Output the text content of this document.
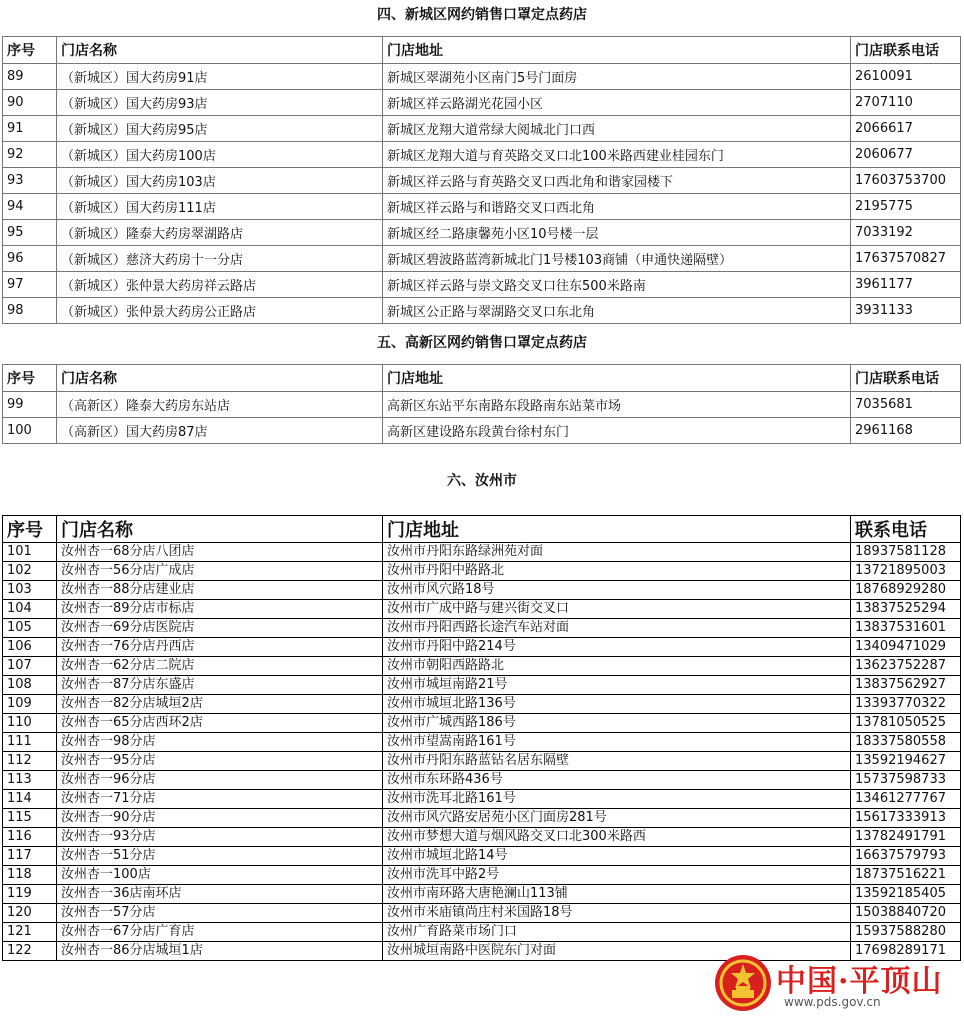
四、新城区网约销售口罩定点药店
序号	门店名称	门店地址	门店联系电话
89	（新城区）国大药房91店	新城区翠湖苑小区南门5号门面房	2610091
90	（新城区）国大药房93店	新城区祥云路湖光花园小区	2707110
91	（新城区）国大药房95店	新城区龙翔大道常绿大阅城北门口西	2066617
92	（新城区）国大药房100店	新城区龙翔大道与育英路交叉口北100米路西建业桂园东门	2060677
93	（新城区）国大药房103店	新城区祥云路与育英路交叉口西北角和谐家园楼下	17603753700
94	（新城区）国大药房111店	新城区祥云路与和谐路交叉口西北角	2195775
95	（新城区）隆泰大药房翠湖路店	新城区经二路康馨苑小区10号楼一层	7033192
96	（新城区）慈济大药房十一分店	新城区碧波路蓝湾新城北门1号楼103商铺（申通快递隔壁）	17637570827
97	（新城区）张仲景大药房祥云路店	新城区祥云路与崇文路交叉口往东500米路南	3961177
98	（新城区）张仲景大药房公正路店	新城区公正路与翠湖路交叉口东北角	3931133
五、高新区网约销售口罩定点药店
序号	门店名称	门店地址	门店联系电话
99	（高新区）隆泰大药房东站店	高新区东站平东南路东段路南东站菜市场	7035681
100	（高新区）国大药房87店	高新区建设路东段黄台徐村东门	2961168
六、汝州市
序号	门店名称	门店地址	联系电话
101	汝州杏一68分店八团店	汝州市丹阳东路绿洲苑对面	18937581128
102	汝州杏一56分店广成店	汝州市丹阳中路路北	13721895003
103	汝州杏一88分店建业店	汝州市风穴路18号	18768929280
104	汝州杏一89分店市标店	汝州市广成中路与建兴街交叉口	13837525294
105	汝州杏一69分店医院店	汝州市丹阳西路长途汽车站对面	13837531601
106	汝州杏一76分店丹西店	汝州市丹阳中路214号	13409471029
107	汝州杏一62分店二院店	汝州市朝阳西路路北	13623752287
108	汝州杏一87分店东盛店	汝州市城垣南路21号	13837562927
109	汝州杏一82分店城垣2店	汝州市城垣北路136号	13393770322
110	汝州杏一65分店西环2店	汝州市广城西路186号	13781050525
111	汝州杏一98分店	汝州市望嵩南路161号	18337580558
112	汝州杏一95分店	汝州市丹阳东路蓝钻名居东隔壁	13592194627
113	汝州杏一96分店	汝州市东环路436号	15737598733
114	汝州杏一71分店	汝州市洗耳北路161号	13461277767
115	汝州杏一90分店	汝州市风穴路安居苑小区门面房281号	15617333913
116	汝州杏一93分店	汝州市梦想大道与烟风路交叉口北300米路西	13782491791
117	汝州杏一51分店	汝州市城垣北路14号	16637579793
118	汝州杏一100店	汝州市洗耳中路2号	18737516221
119	汝州杏一36店南环店	汝州市南环路大唐艳澜山113铺	13592185405
120	汝州杏一57分店	汝州市米庙镇尚庄村米国路18号	15038840720
121	汝州杏一67分店广育店	汝州广育路菜市场门口	15937588280
122	汝州杏一86分店城垣1店	汝州城垣南路中医院东门对面	17698289171
中国·平顶山
www.pds.gov.cn
